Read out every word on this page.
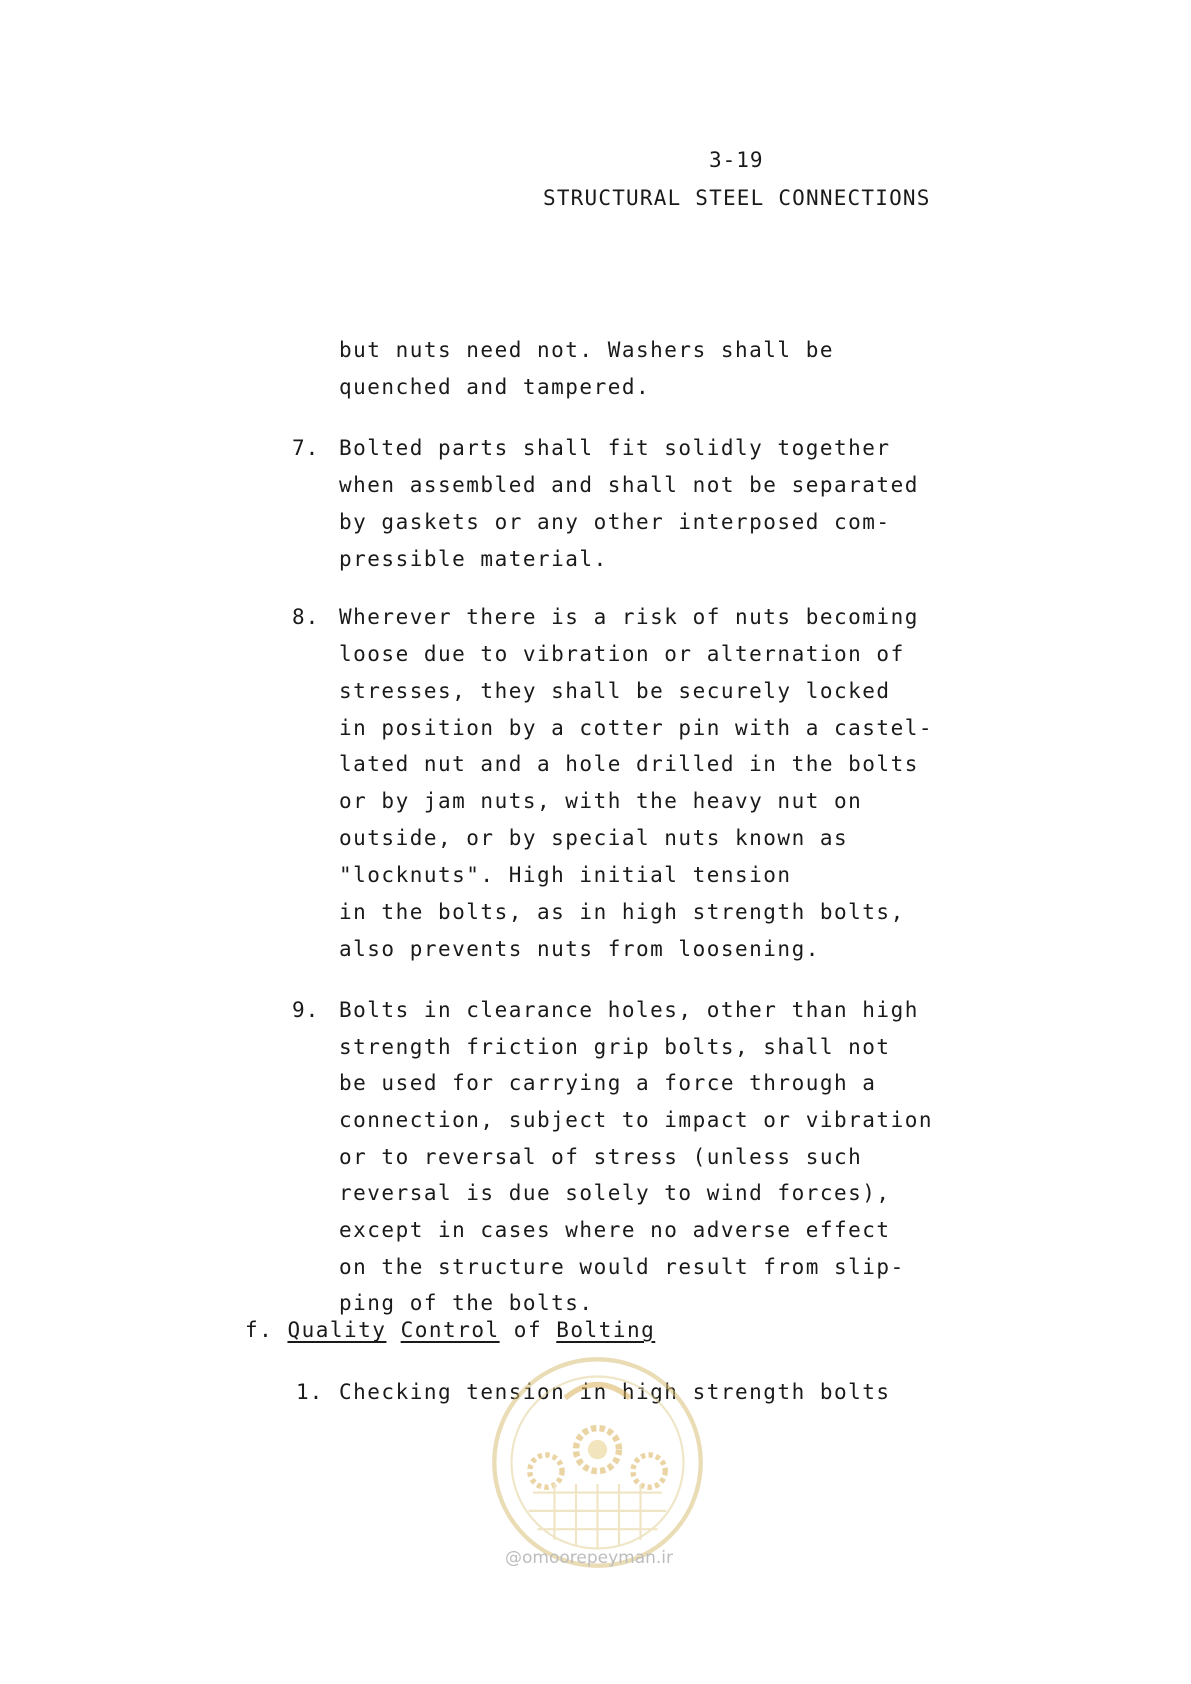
3-19
STRUCTURAL STEEL CONNECTIONS
but nuts need not. Washers shall be
quenched and tampered.
7. Bolted parts shall fit solidly together
when assembled and shall not be separated
by gaskets or any other interposed com-
pressible material.
8. Wherever there is a risk of nuts becoming
loose due to vibration or alternation of
stresses, they shall be securely locked
in position by a cotter pin with a castel-
lated nut and a hole drilled in the bolts
or by jam nuts, with the heavy nut on
outside, or by special nuts known as
"locknuts". High initial tension
in the bolts, as in high strength bolts,
also prevents nuts from loosening.
9. Bolts in clearance holes, other than high
strength friction grip bolts, shall not
be used for carrying a force through a
connection, subject to impact or vibration
or to reversal of stress (unless such
reversal is due solely to wind forces),
except in cases where no adverse effect
on the structure would result from slip-
ping of the bolts.
f. Quality Control of Bolting
1. Checking tension in high strength bolts
@omoorepeyman.ir
